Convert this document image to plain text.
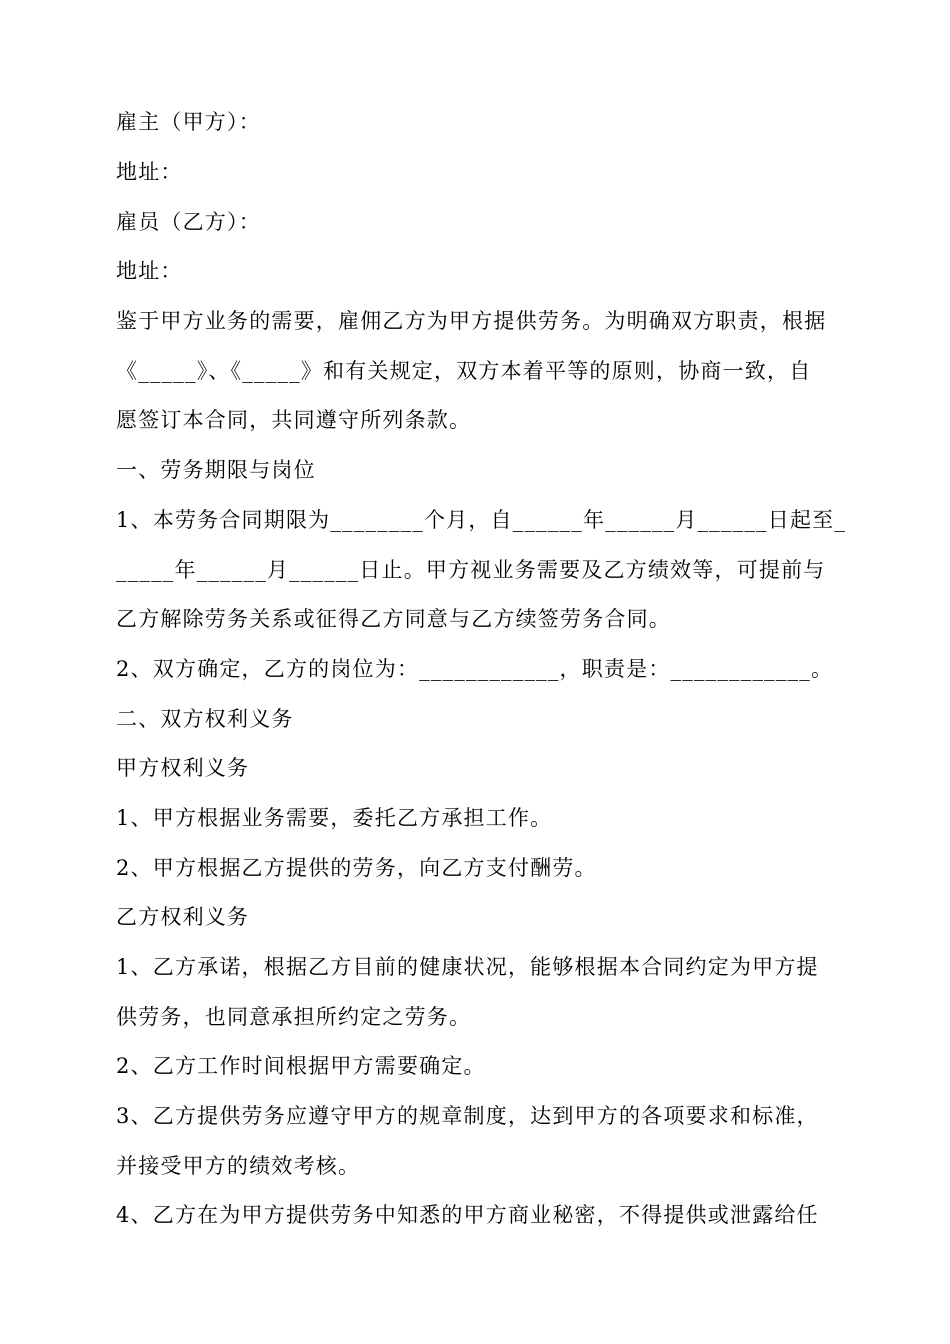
雇主（甲方）：
地址：
雇员（乙方）：
地址：
鉴于甲方业务的需要，雇佣乙方为甲方提供劳务。为明确双方职责，根据
《_____》、《_____》和有关规定，双方本着平等的原则，协商一致，自
愿签订本合同，共同遵守所列条款。
一、劳务期限与岗位
1、本劳务合同期限为________个月，自______年______月______日起至_
_____年______月______日止。甲方视业务需要及乙方绩效等，可提前与
乙方解除劳务关系或征得乙方同意与乙方续签劳务合同。
2、双方确定，乙方的岗位为：____________，职责是：____________。
二、双方权利义务
甲方权利义务
1、甲方根据业务需要，委托乙方承担工作。
2、甲方根据乙方提供的劳务，向乙方支付酬劳。
乙方权利义务
1、乙方承诺，根据乙方目前的健康状况，能够根据本合同约定为甲方提
供劳务，也同意承担所约定之劳务。
2、乙方工作时间根据甲方需要确定。
3、乙方提供劳务应遵守甲方的规章制度，达到甲方的各项要求和标准，
并接受甲方的绩效考核。
4、乙方在为甲方提供劳务中知悉的甲方商业秘密，不得提供或泄露给任
